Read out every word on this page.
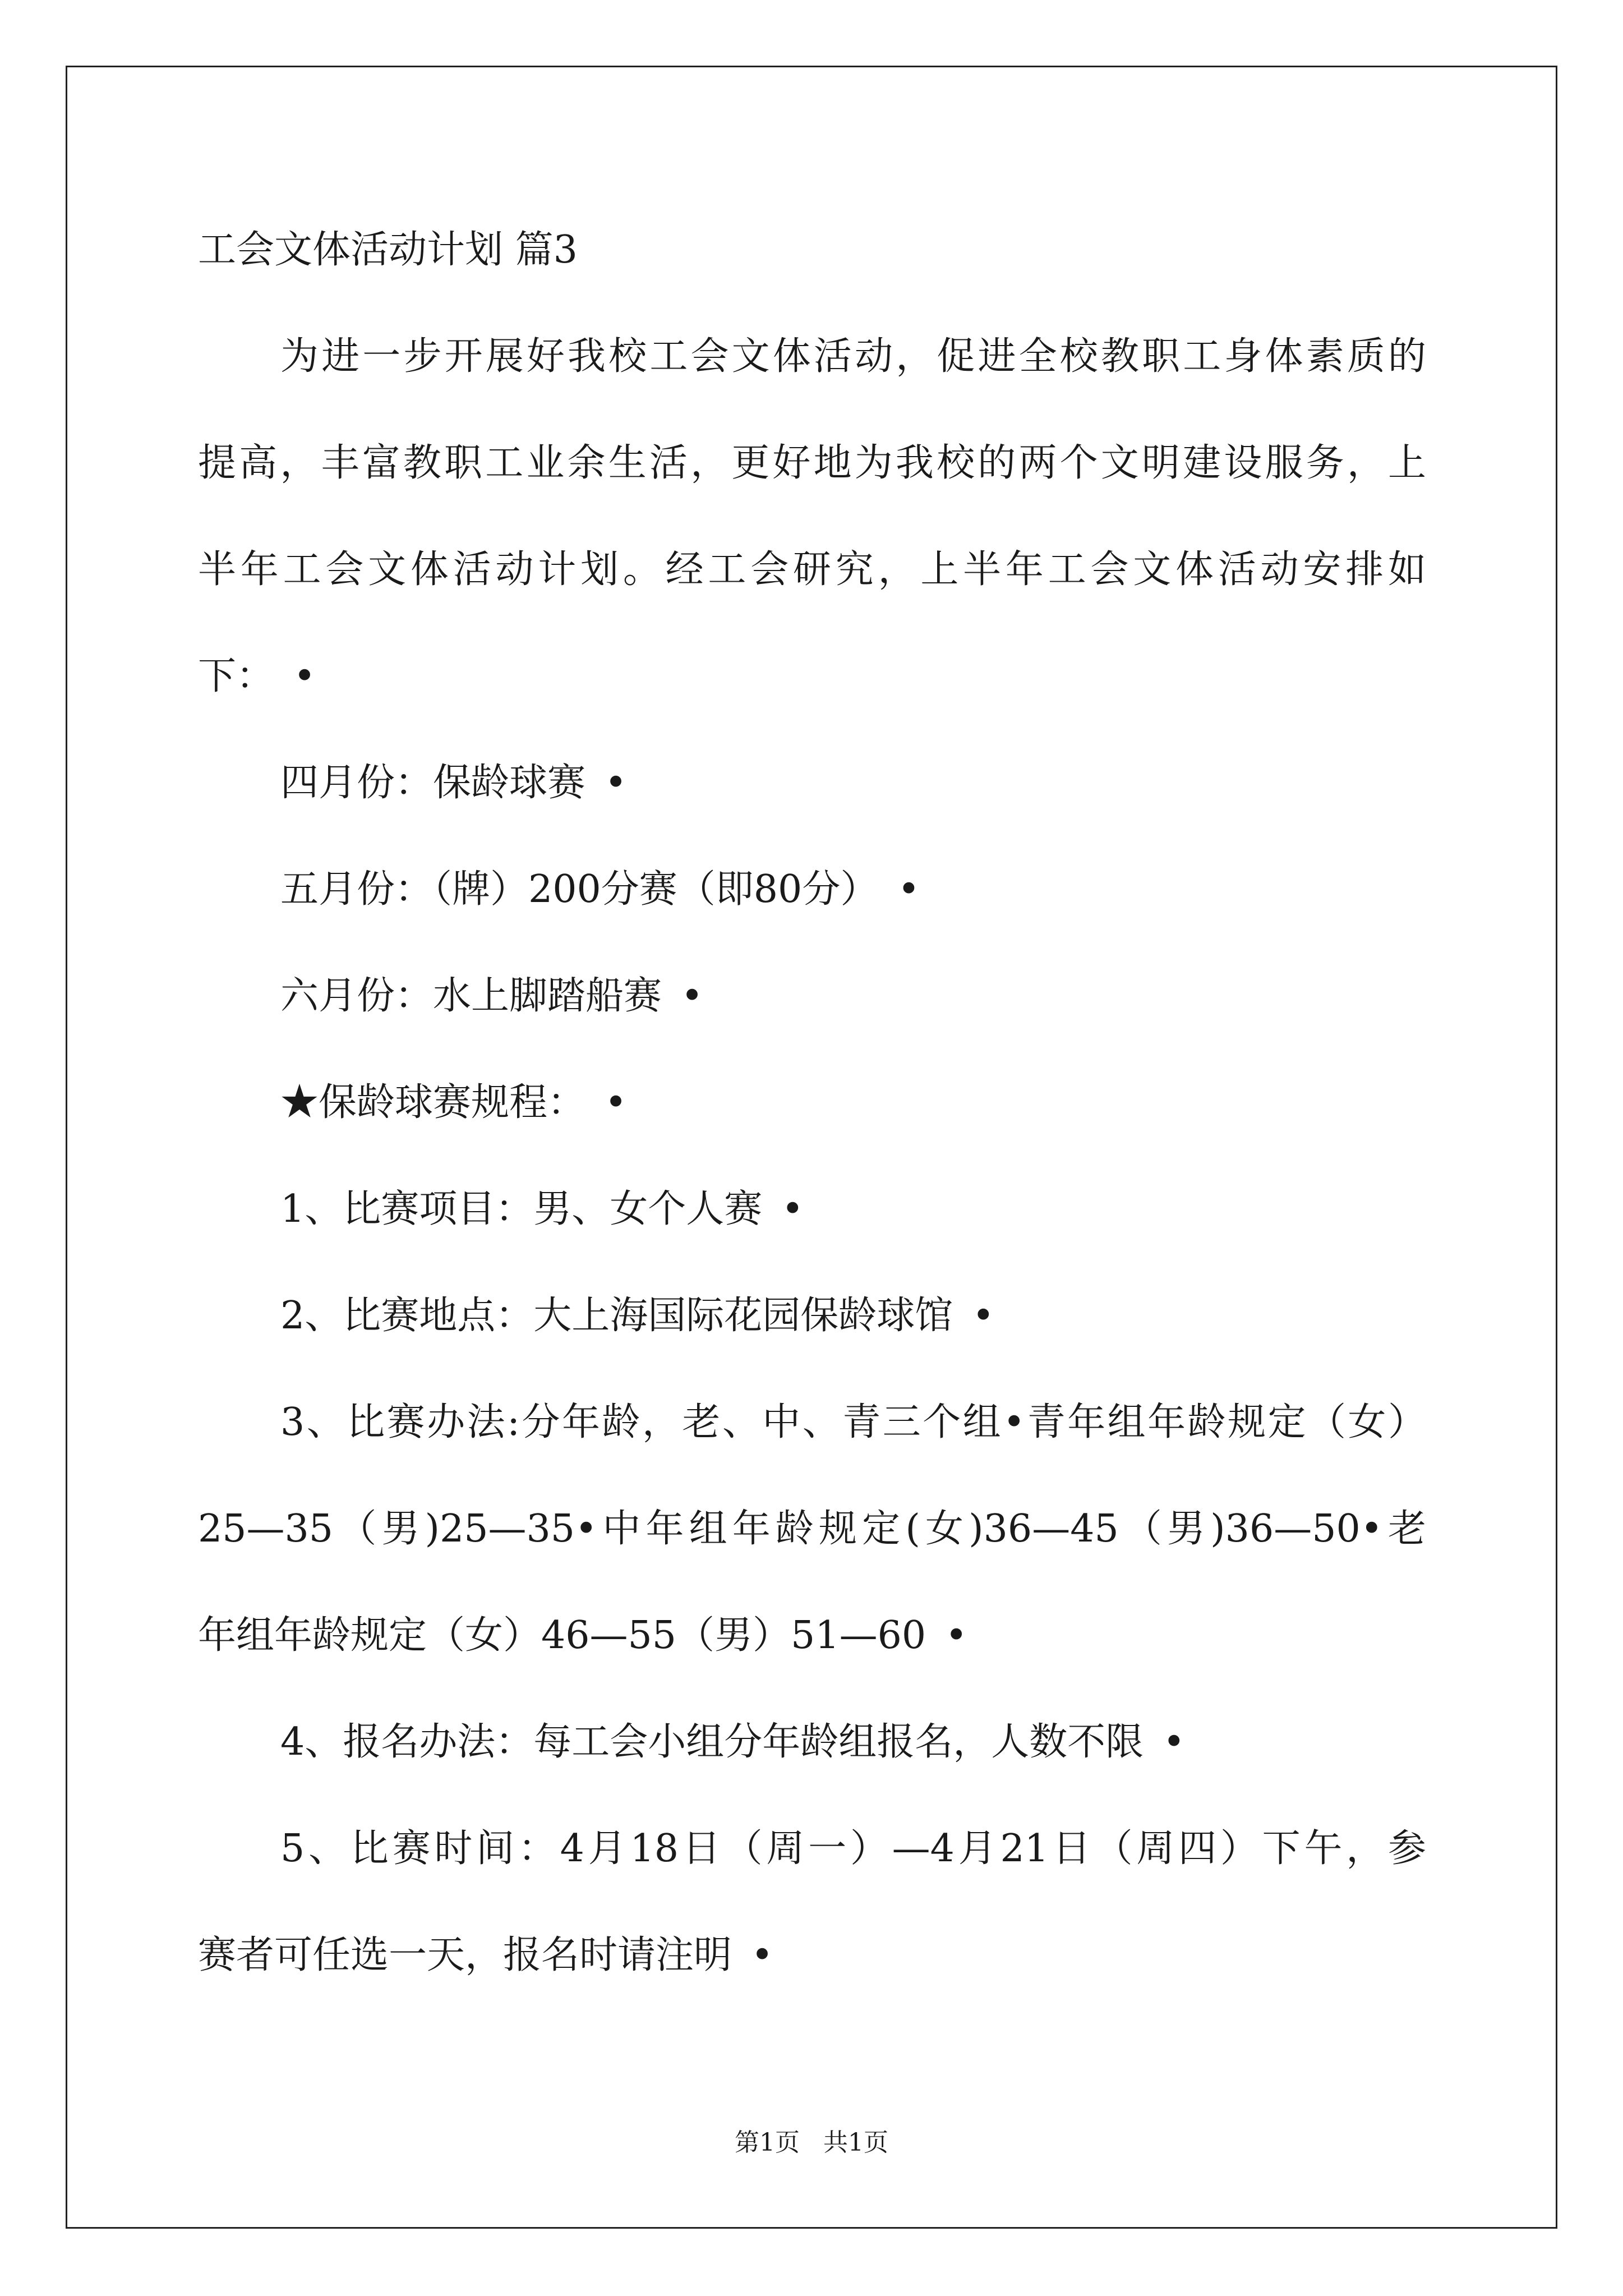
工会文体活动计划 篇3
为进一步开展好我校工会文体活动，促进全校教职工身体素质的
提高，丰富教职工业余生活，更好地为我校的两个文明建设服务，上
半年工会文体活动计划。经工会研究，上半年工会文体活动安排如
下： •
四月份：保龄球赛 •
五月份：（牌）200分赛（即80分） •
六月份：水上脚踏船赛 •
★保龄球赛规程： •
1、比赛项目：男、女个人赛 •
2、比赛地点：大上海国际花园保龄球馆 •
3、比赛办法:分年龄，老、中、青三个组•青年组年龄规定（女）
25—35（男)25—35•中年组年龄规定(女)36—45（男)36—50•老
年组年龄规定（女）46—55（男）51—60 •
4、报名办法：每工会小组分年龄组报名，人数不限 •
5、比赛时间：4月18日（周一）—4月21日（周四）下午，参
赛者可任选一天，报名时请注明 •
第1页   共1页
